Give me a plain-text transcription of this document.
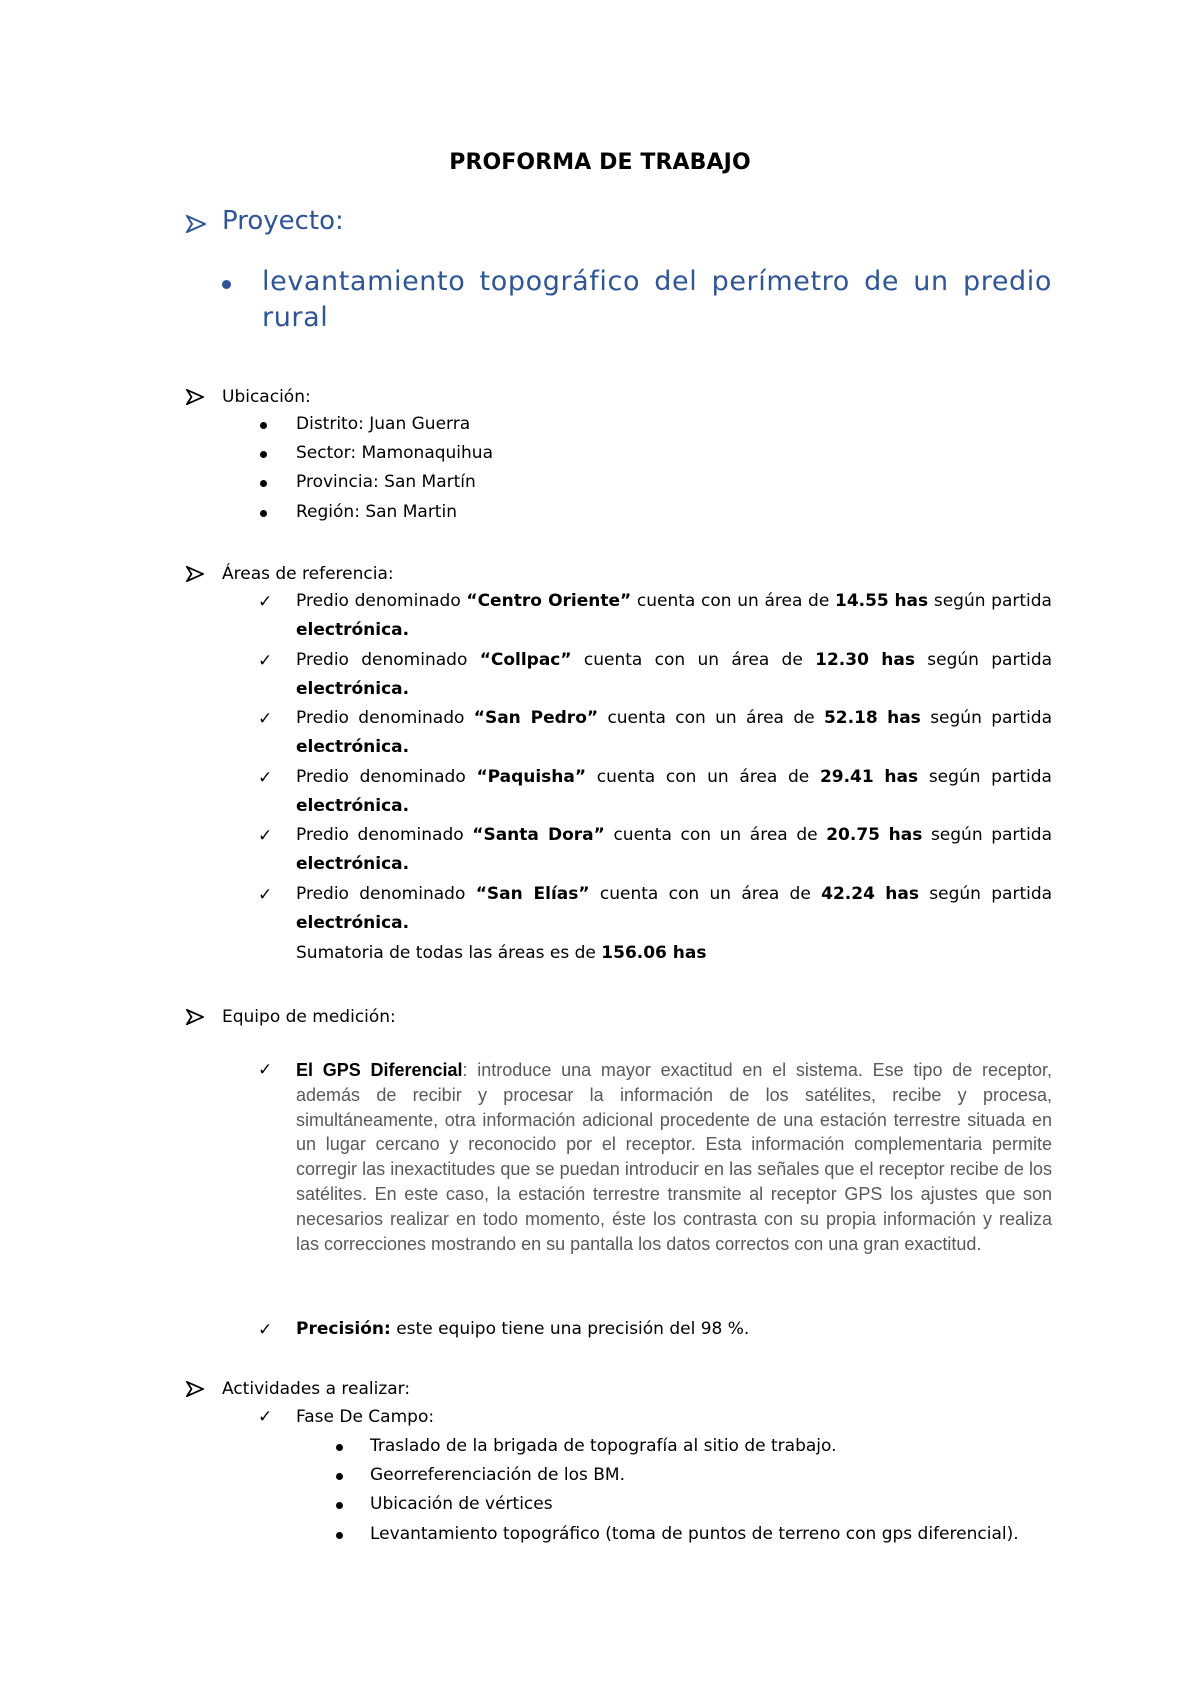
PROFORMA DE TRABAJO
Proyecto:
levantamiento topográfico del perímetro de un predio rural
Ubicación:
Distrito: Juan Guerra
Sector: Mamonaquihua
Provincia: San Martín
Región: San Martin
Áreas de referencia:
✓ Predio denominado “Centro Oriente” cuenta con un área de 14.55 has según partida electrónica.
✓ Predio denominado “Collpac” cuenta con un área de 12.30 has según partida electrónica.
✓ Predio denominado “San Pedro” cuenta con un área de 52.18 has según partida electrónica.
✓ Predio denominado “Paquisha” cuenta con un área de 29.41 has según partida electrónica.
✓ Predio denominado “Santa Dora” cuenta con un área de 20.75 has según partida electrónica.
✓ Predio denominado “San Elías” cuenta con un área de 42.24 has según partida electrónica.
Sumatoria de todas las áreas es de 156.06 has
Equipo de medición:
✓ El GPS Diferencial: introduce una mayor exactitud en el sistema. Ese tipo de receptor, además de recibir y procesar la información de los satélites, recibe y procesa, simultáneamente, otra información adicional procedente de una estación terrestre situada en un lugar cercano y reconocido por el receptor. Esta información complementaria permite corregir las inexactitudes que se puedan introducir en las señales que el receptor recibe de los satélites. En este caso, la estación terrestre transmite al receptor GPS los ajustes que son necesarios realizar en todo momento, éste los contrasta con su propia información y realiza las correcciones mostrando en su pantalla los datos correctos con una gran exactitud.
✓ Precisión: este equipo tiene una precisión del 98 %.
Actividades a realizar:
✓ Fase De Campo:
Traslado de la brigada de topografía al sitio de trabajo.
Georreferenciación de los BM.
Ubicación de vértices
Levantamiento topográfico (toma de puntos de terreno con gps diferencial).
